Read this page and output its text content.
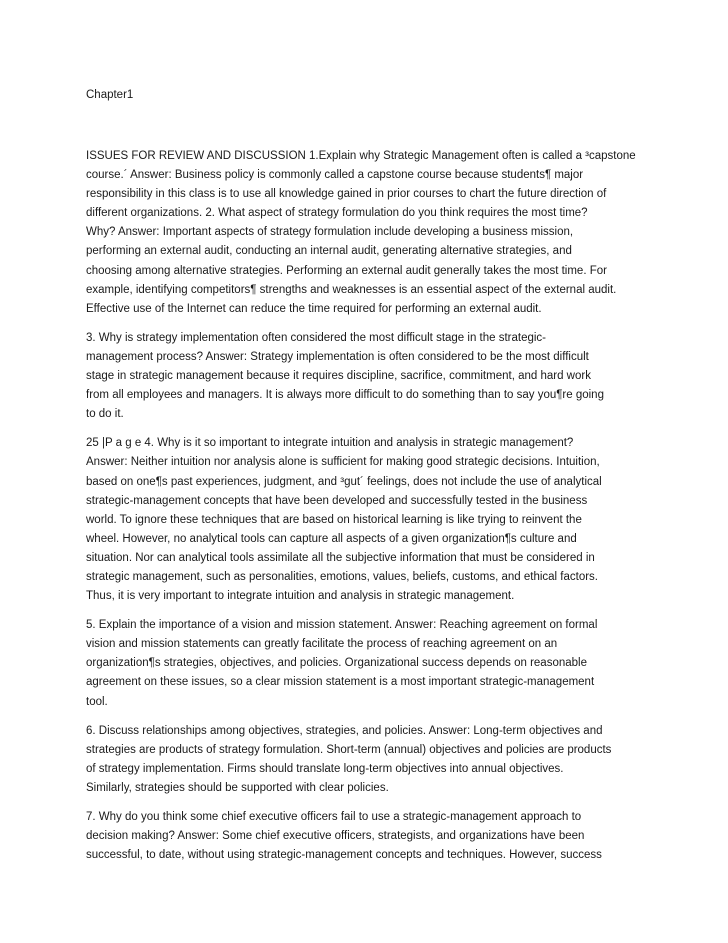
Chapter1

ISSUES FOR REVIEW AND DISCUSSION 1.Explain why Strategic Management often is called a ³capstone
course.´ Answer: Business policy is commonly called a capstone course because students¶ major
responsibility in this class is to use all knowledge gained in prior courses to chart the future direction of
different organizations. 2. What aspect of strategy formulation do you think requires the most time?
Why? Answer: Important aspects of strategy formulation include developing a business mission,
performing an external audit, conducting an internal audit, generating alternative strategies, and
choosing among alternative strategies. Performing an external audit generally takes the most time. For
example, identifying competitors¶ strengths and weaknesses is an essential aspect of the external audit.
Effective use of the Internet can reduce the time required for performing an external audit.

3. Why is strategy implementation often considered the most difficult stage in the strategic-
management process? Answer: Strategy implementation is often considered to be the most difficult
stage in strategic management because it requires discipline, sacrifice, commitment, and hard work
from all employees and managers. It is always more difficult to do something than to say you¶re going
to do it.

25 |P a g e 4. Why is it so important to integrate intuition and analysis in strategic management?
Answer: Neither intuition nor analysis alone is sufficient for making good strategic decisions. Intuition,
based on one¶s past experiences, judgment, and ³gut´ feelings, does not include the use of analytical
strategic-management concepts that have been developed and successfully tested in the business
world. To ignore these techniques that are based on historical learning is like trying to reinvent the
wheel. However, no analytical tools can capture all aspects of a given organization¶s culture and
situation. Nor can analytical tools assimilate all the subjective information that must be considered in
strategic management, such as personalities, emotions, values, beliefs, customs, and ethical factors.
Thus, it is very important to integrate intuition and analysis in strategic management.

5. Explain the importance of a vision and mission statement. Answer: Reaching agreement on formal
vision and mission statements can greatly facilitate the process of reaching agreement on an
organization¶s strategies, objectives, and policies. Organizational success depends on reasonable
agreement on these issues, so a clear mission statement is a most important strategic-management
tool.

6. Discuss relationships among objectives, strategies, and policies. Answer: Long-term objectives and
strategies are products of strategy formulation. Short-term (annual) objectives and policies are products
of strategy implementation. Firms should translate long-term objectives into annual objectives.
Similarly, strategies should be supported with clear policies.

7. Why do you think some chief executive officers fail to use a strategic-management approach to
decision making? Answer: Some chief executive officers, strategists, and organizations have been
successful, to date, without using strategic-management concepts and techniques. However, success
